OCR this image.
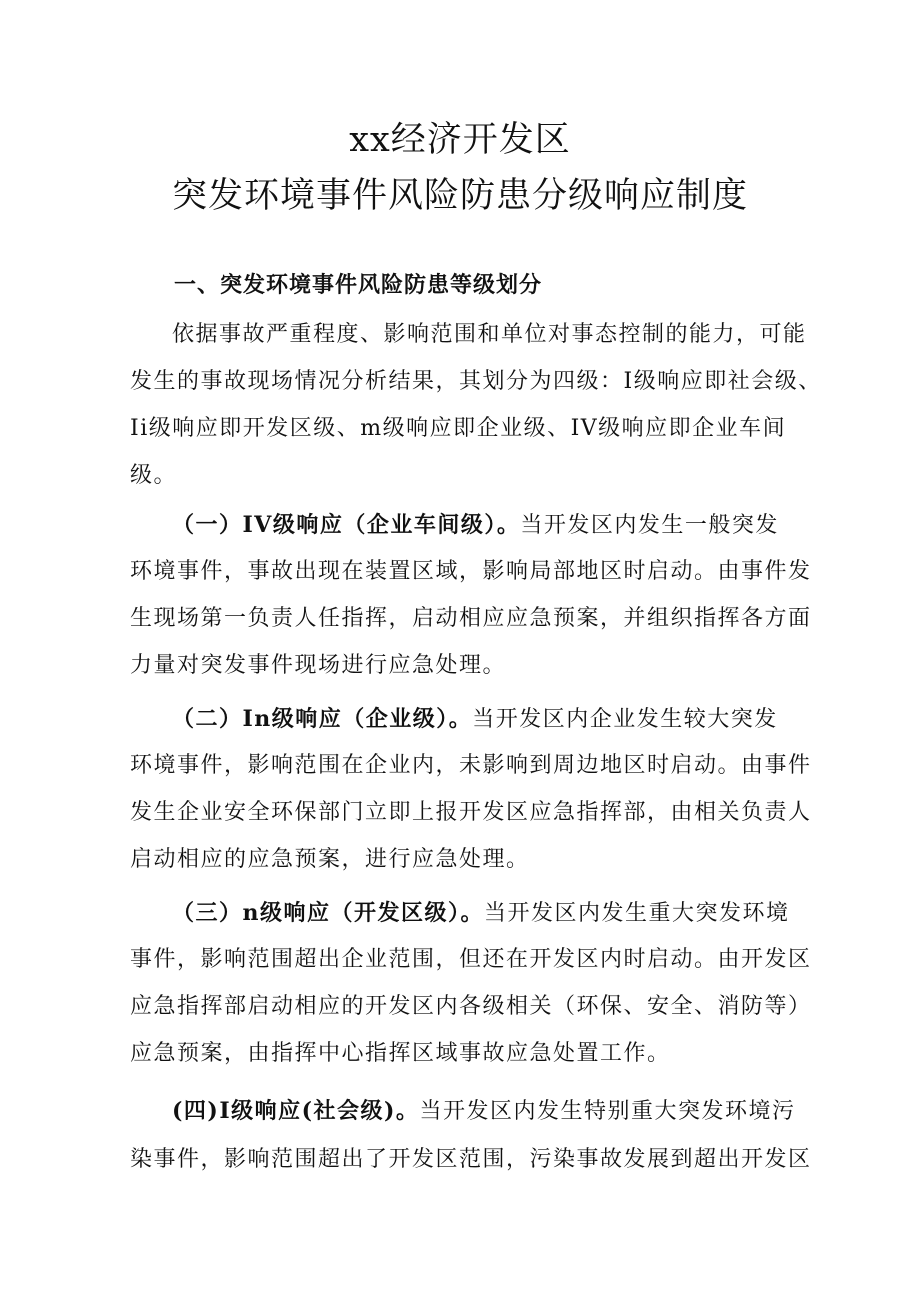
xx经济开发区
突发环境事件风险防患分级响应制度
一、突发环境事件风险防患等级划分
依据事故严重程度、影响范围和单位对事态控制的能力，可能
发生的事故现场情况分析结果，其划分为四级：I级响应即社会级、
Ii级响应即开发区级、m级响应即企业级、IV级响应即企业车间
级。
（一）IV级响应（企业车间级）。当开发区内发生一般突发
环境事件，事故出现在装置区域，影响局部地区时启动。由事件发
生现场第一负责人任指挥，启动相应应急预案，并组织指挥各方面
力量对突发事件现场进行应急处理。
（二）In级响应（企业级）。当开发区内企业发生较大突发
环境事件，影响范围在企业内，未影响到周边地区时启动。由事件
发生企业安全环保部门立即上报开发区应急指挥部，由相关负责人
启动相应的应急预案，进行应急处理。
（三）n级响应（开发区级）。当开发区内发生重大突发环境
事件，影响范围超出企业范围，但还在开发区内时启动。由开发区
应急指挥部启动相应的开发区内各级相关（环保、安全、消防等）
应急预案，由指挥中心指挥区域事故应急处置工作。
(四)I级响应(社会级)。当开发区内发生特别重大突发环境污
染事件，影响范围超出了开发区范围，污染事故发展到超出开发区
